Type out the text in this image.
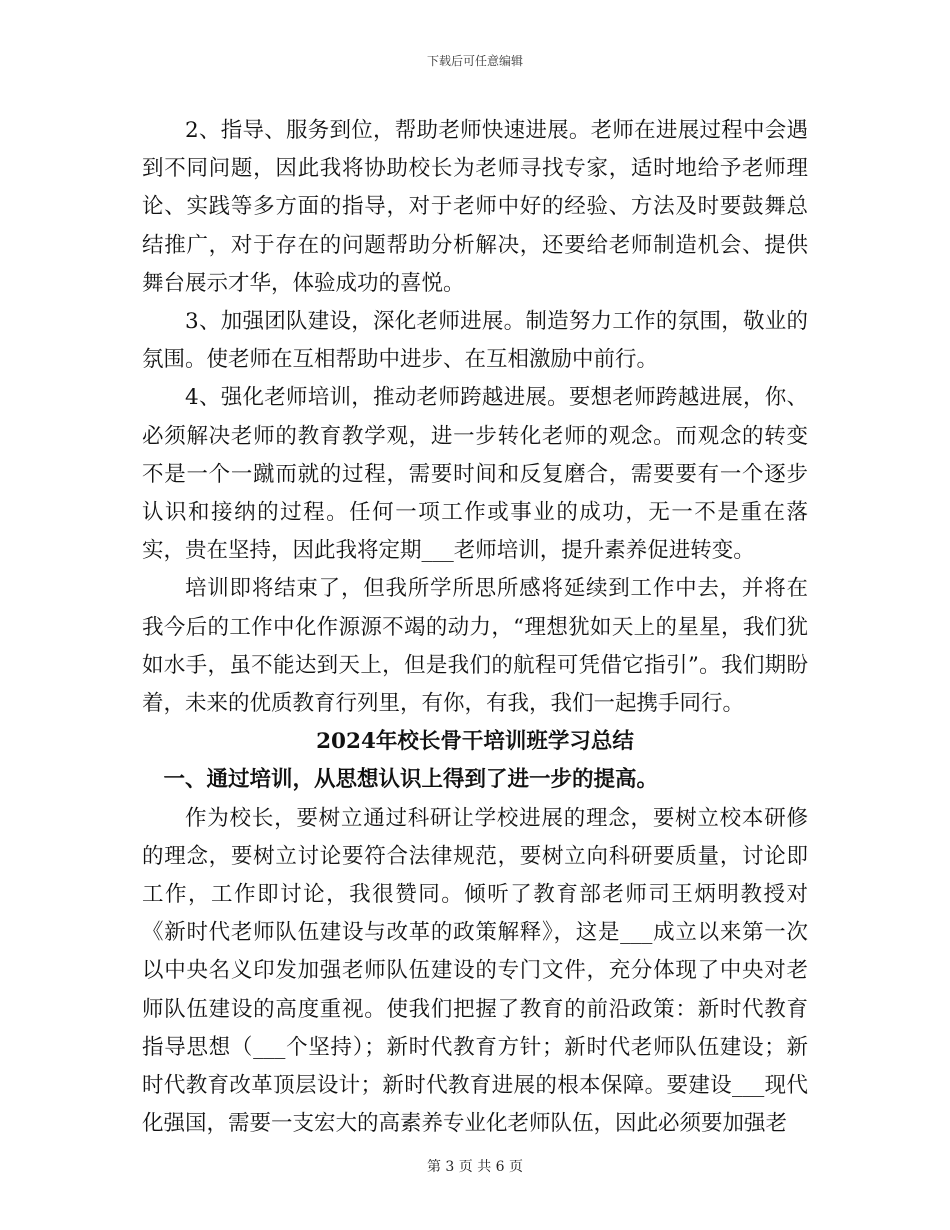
下载后可任意编辑

2、指导、服务到位，帮助老师快速进展。老师在进展过程中会遇到不同问题，因此我将协助校长为老师寻找专家，适时地给予老师理论、实践等多方面的指导，对于老师中好的经验、方法及时要鼓舞总结推广，对于存在的问题帮助分析解决，还要给老师制造机会、提供舞台展示才华，体验成功的喜悦。

3、加强团队建设，深化老师进展。制造努力工作的氛围，敬业的氛围。使老师在互相帮助中进步、在互相激励中前行。

4、强化老师培训，推动老师跨越进展。要想老师跨越进展，你、必须解决老师的教育教学观，进一步转化老师的观念。而观念的转变不是一个一蹴而就的过程，需要时间和反复磨合，需要要有一个逐步认识和接纳的过程。任何一项工作或事业的成功，无一不是重在落实，贵在坚持，因此我将定期___老师培训，提升素养促进转变。

培训即将结束了，但我所学所思所感将延续到工作中去，并将在我今后的工作中化作源源不竭的动力，“理想犹如天上的星星，我们犹如水手，虽不能达到天上，但是我们的航程可凭借它指引”。我们期盼着，未来的优质教育行列里，有你，有我，我们一起携手同行。

2024年校长骨干培训班学习总结

一、通过培训，从思想认识上得到了进一步的提高。

作为校长，要树立通过科研让学校进展的理念，要树立校本研修的理念，要树立讨论要符合法律规范，要树立向科研要质量，讨论即工作，工作即讨论，我很赞同。倾听了教育部老师司王炳明教授对《新时代老师队伍建设与改革的政策解释》，这是___成立以来第一次以中央名义印发加强老师队伍建设的专门文件，充分体现了中央对老师队伍建设的高度重视。使我们把握了教育的前沿政策：新时代教育指导思想（___个坚持）；新时代教育方针；新时代老师队伍建设；新时代教育改革顶层设计；新时代教育进展的根本保障。要建设___现代化强国，需要一支宏大的高素养专业化老师队伍，因此必须要加强老

第 3 页 共 6 页
